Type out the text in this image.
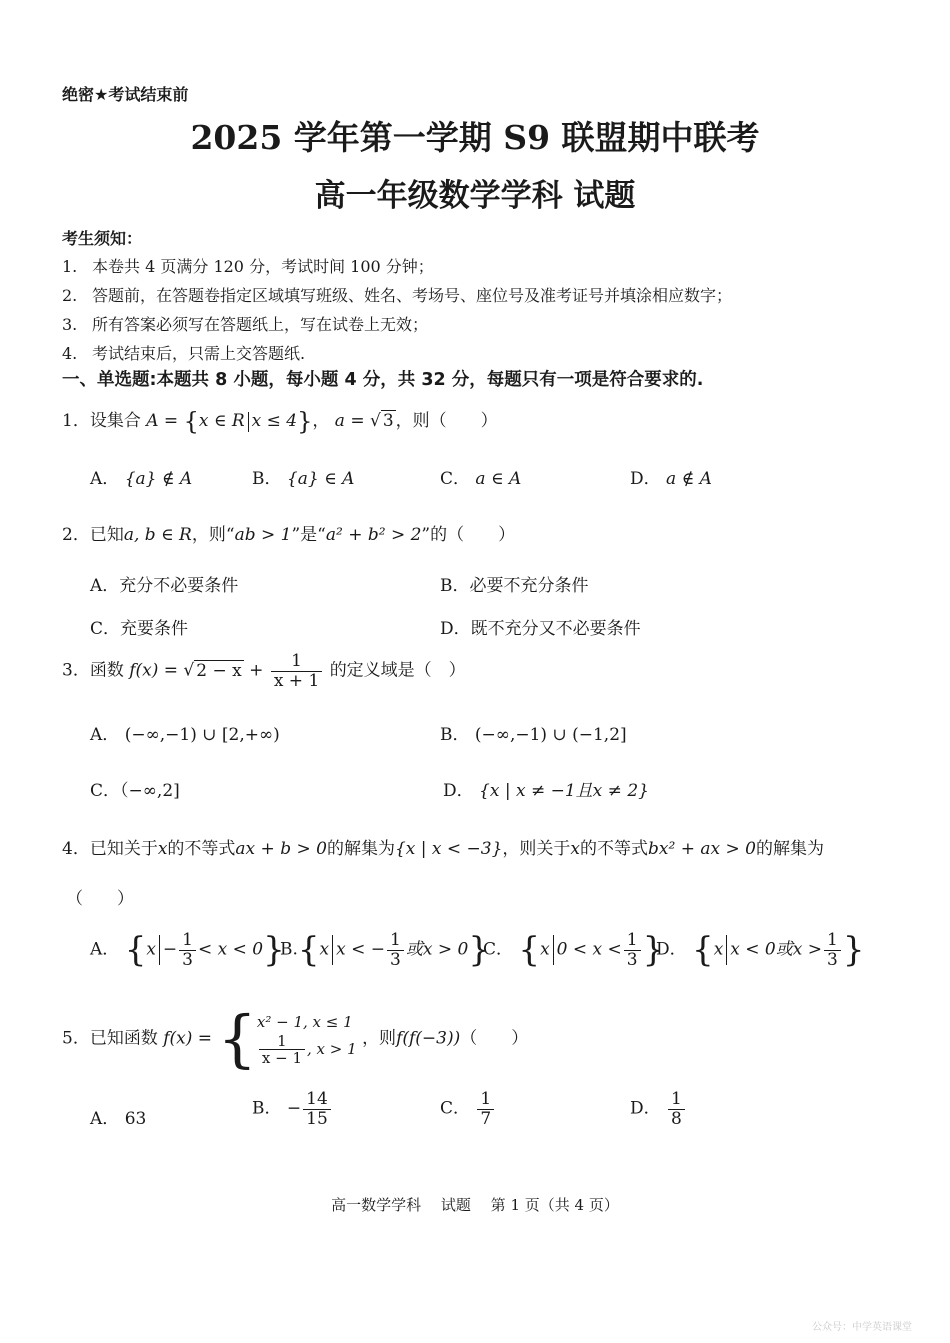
绝密★考试结束前
2025 学年第一学期 S9 联盟期中联考
高一年级数学学科 试题
考生须知：
1. 本卷共 4 页满分 120 分，考试时间 100 分钟；
2. 答题前，在答题卷指定区域填写班级、姓名、考场号、座位号及准考证号并填涂相应数字；
3. 所有答案必须写在答题纸上，写在试卷上无效；
4. 考试结束后，只需上交答题纸.
一、单选题:本题共 8 小题，每小题 4 分，共 32 分，每题只有一项是符合要求的.
1．设集合 A = {x ∈ R x ≤ 4}， a = √ 3 ，则（　　）
A． {a} ∉ A	B． {a} ∈ A	C． a ∈ A	D． a ∉ A
2．已知a, b ∈ R，则“ab > 1”是“a² + b² > 2”的（　　）
A．充分不必要条件	B．必要不充分条件
C．充要条件	D．既不充分又不必要条件
3．函数 f(x) = √ $2 - x + \frac{1}{x + 1}$ 的定义域是（　）
A． (−∞,−1) ∪ [2,+∞)	B． (−∞,−1) ∪ (−1,2]
C．（−∞,2]	D． {x | x ≠ −1且x ≠ 2}
4．已知关于x的不等式ax + b > 0的解集为{x | x < −3}，则关于x的不等式bx² + ax > 0的解集为
（　　）
A． $\{x - \frac{1}{3} < x < 0\}$
B.{x x < − $\frac{1}{3}$ 或x > 0}
C． {x $0 < x < \frac{1}{3}$ }
D． {x x < 0或$x > \frac{1}{3}$ }
5．已知函数 f(x) = {x² − 1, x ≤ 1

$\frac{1}{x - 1}$ , x > 1 ，则f(f(−3))（　　）
A． 63
B． − $\frac{14}{15}$	C． $\frac{1}{7}$	D． $\frac{1}{8}$
高一数学学科　 试题　 第 1 页（共 4 页）
公众号：中学英语课堂
